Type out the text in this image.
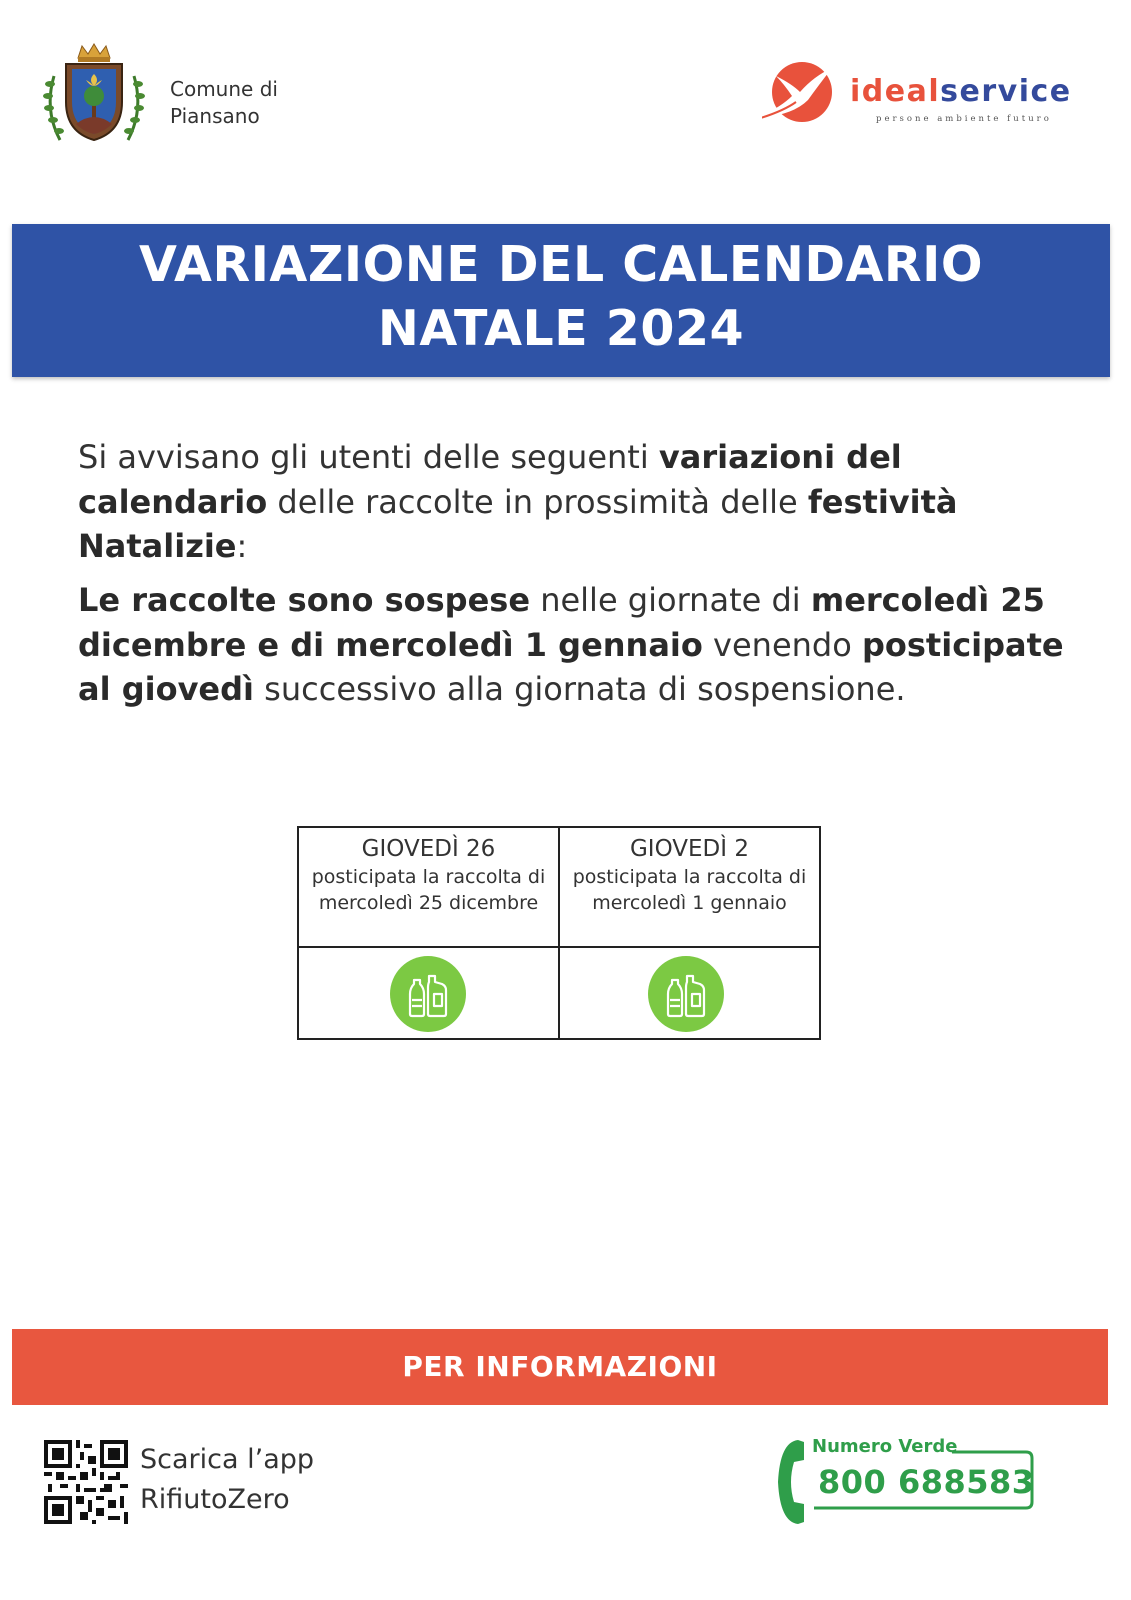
Comune di
Piansano
idealservice
persone ambiente futuro
VARIAZIONE DEL CALENDARIO
NATALE 2024
Si avvisano gli utenti delle seguenti variazioni del calendario delle raccolte in prossimità delle festività Natalizie:
Le raccolte sono sospese nelle giornate di mercoledì 25 dicembre e di mercoledì 1 gennaio venendo posticipate al giovedì successivo alla giornata di sospensione.
GIOVEDÌ 26
posticipata la raccolta di mercoledì 25 dicembre
GIOVEDÌ 2
posticipata la raccolta di mercoledì 1 gennaio
PER INFORMAZIONI
Scarica l’app
RifiutoZero
Numero Verde
800 688583
